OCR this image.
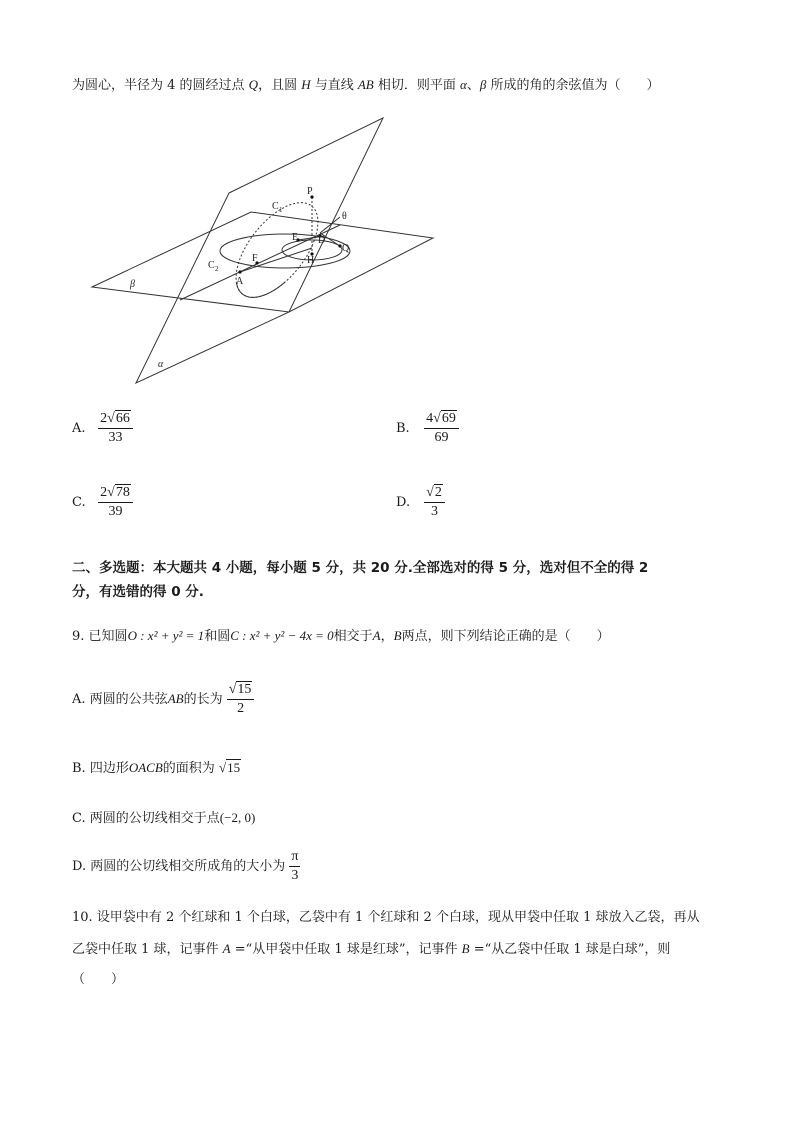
为圆心，半径为 4 的圆经过点 Q，且圆 H 与直线 AB 相切．则平面 α、β 所成的角的余弦值为（　　）
P
C 1
θ
E D
Q
H
F
C 2
A
β
α
A. $\frac{2√66}{33}$	B. $\frac{4√69}{69}$
C. $\frac{2√78}{39}$	D. $\frac{√2}{3}$
二、多选题：本大题共 4 小题，每小题 5 分，共 20 分.全部选对的得 5 分，选对但不全的得 2
分，有选错的得 0 分.
9. 已知圆O : x² + y² = 1和圆C : x² + y² − 4x = 0相交于A，B两点，则下列结论正确的是（　　）
A. 两圆的公共弦AB的长为 $\frac{√15}{2}$
B. 四边形OACB的面积为 √15
C. 两圆的公切线相交于点(−2, 0)
D. 两圆的公切线相交所成角的大小为 $\frac{\pi}{3}$
10. 设甲袋中有 2 个红球和 1 个白球，乙袋中有 1 个红球和 2 个白球，现从甲袋中任取 1 球放入乙袋，再从
乙袋中任取 1 球，记事件 A =“从甲袋中任取 1 球是红球”，记事件 B =“从乙袋中任取 1 球是白球”，则
（　　）
